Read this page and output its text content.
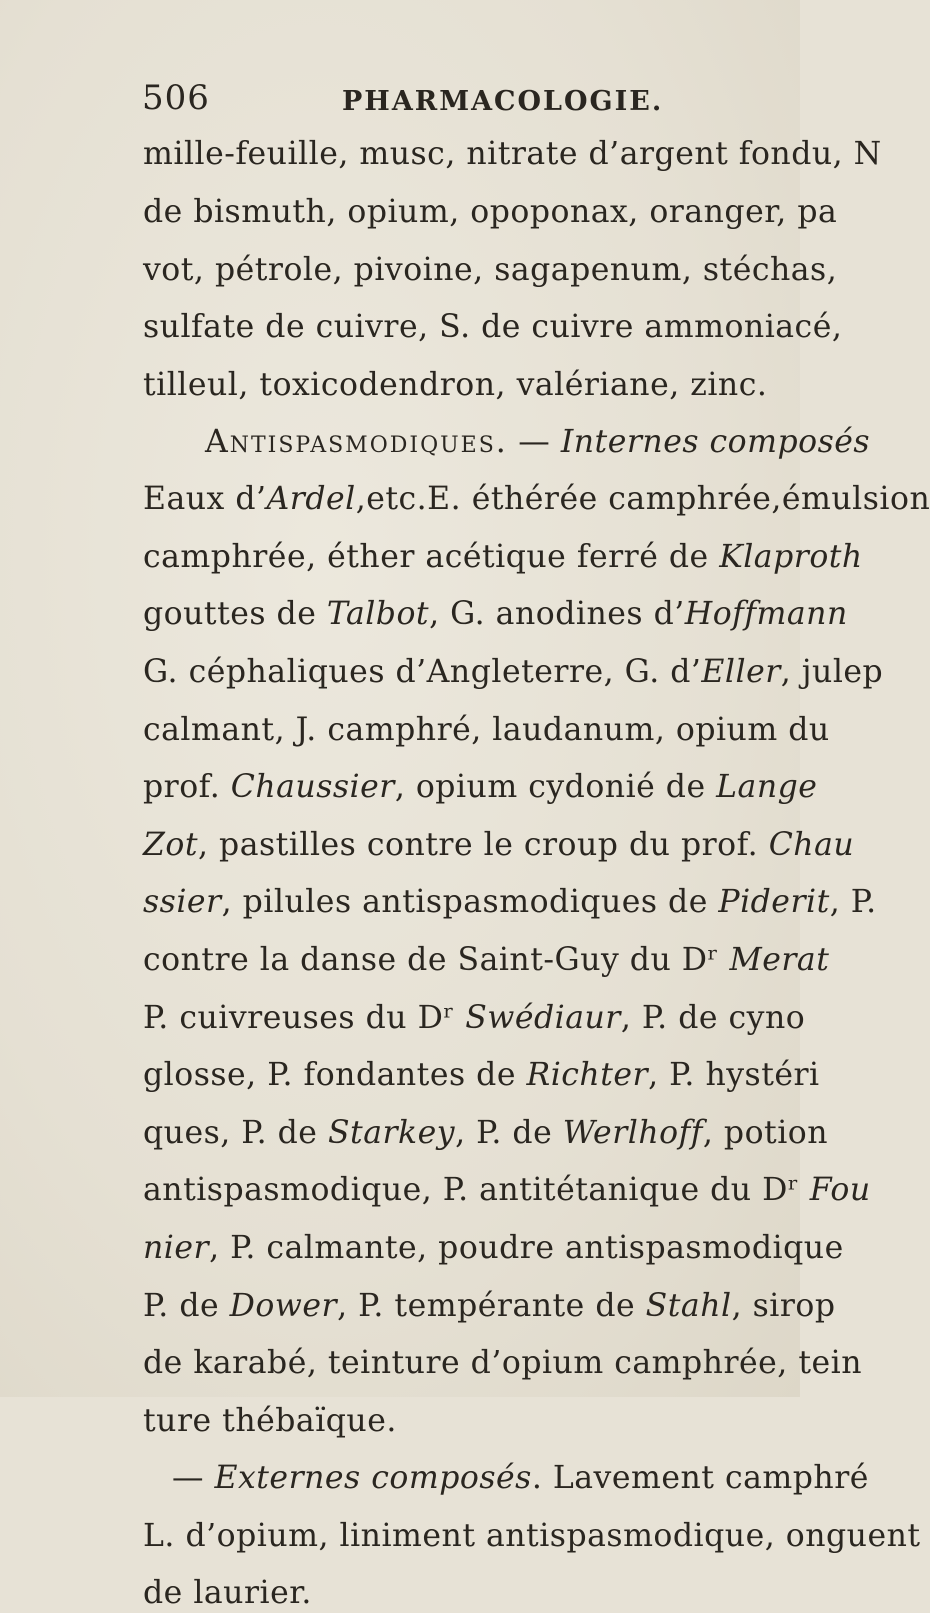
506	PHARMACOLOGIE.
mille-feuille, musc, nitrate d’argent fondu, N
de bismuth, opium, opoponax, oranger, pa
vot, pétrole, pivoine, sagapenum, stéchas,
sulfate de cuivre, S. de cuivre ammoniacé,
tilleul, toxicodendron, valériane, zinc.
Antispasmodiques. — Internes composés
Eaux d’Ardel,etc.E. éthérée camphrée,émulsion
camphrée, éther acétique ferré de Klaproth
gouttes de Talbot, G. anodines d’Hoffmann
G. céphaliques d’Angleterre, G. d’Eller, julep
calmant, J. camphré, laudanum, opium du
prof. Chaussier, opium cydonié de Lange
Zot, pastilles contre le croup du prof. Chau
ssier, pilules antispasmodiques de Piderit, P.
contre la danse de Saint-Guy du Dʳ Merat
P. cuivreuses du Dʳ Swédiaur, P. de cyno
glosse, P. fondantes de Richter, P. hystéri
ques, P. de Starkey, P. de Werlhoff, potion
antispasmodique, P. antitétanique du Dʳ Fou
nier, P. calmante, poudre antispasmodique
P. de Dower, P. tempérante de Stahl, sirop
de karabé, teinture d’opium camphrée, tein
ture thébaïque.
— Externes composés. Lavement camphré
L. d’opium, liniment antispasmodique, onguent
de laurier.
